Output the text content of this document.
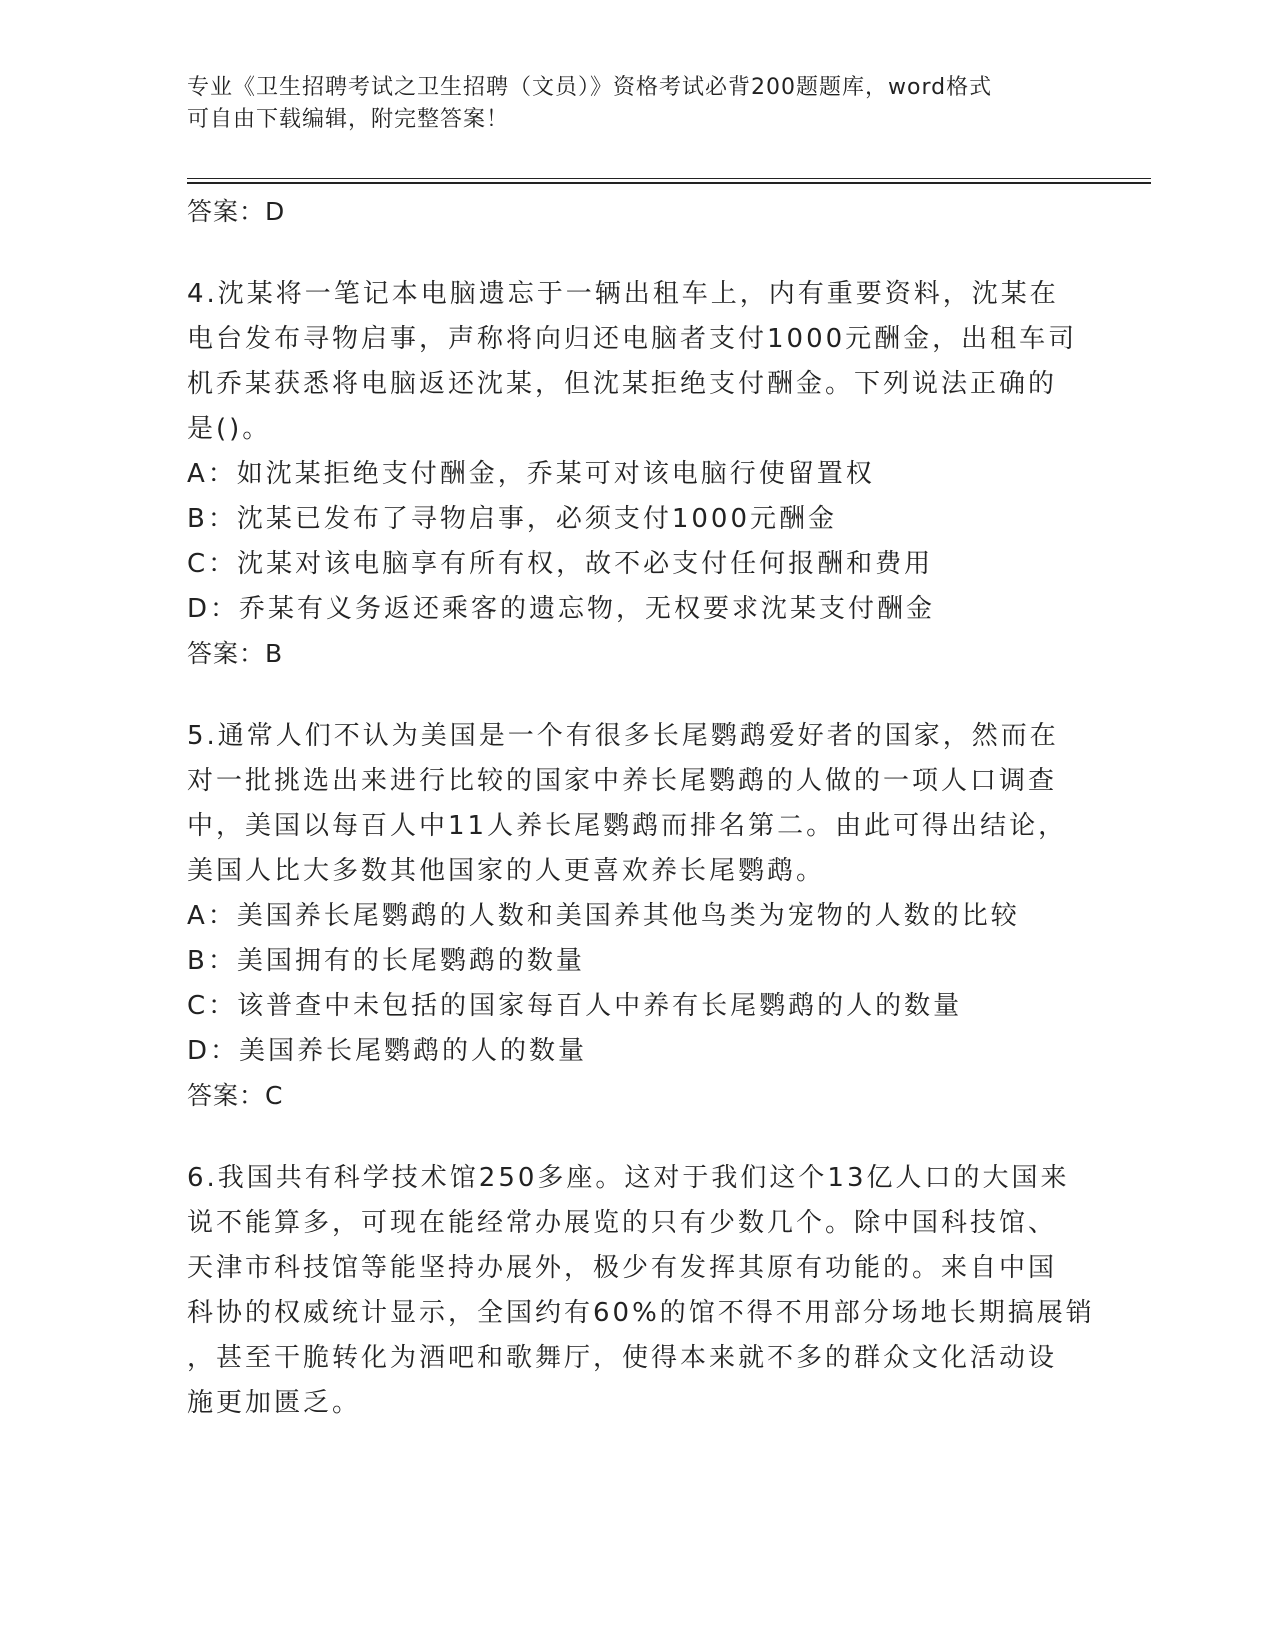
专业《卫生招聘考试之卫生招聘（文员）》资格考试必背200题题库，word格式
可自由下载编辑，附完整答案！
答案：D
4.沈某将一笔记本电脑遗忘于一辆出租车上，内有重要资料，沈某在
电台发布寻物启事，声称将向归还电脑者支付1000元酬金，出租车司
机乔某获悉将电脑返还沈某，但沈某拒绝支付酬金。下列说法正确的
是()。
A：如沈某拒绝支付酬金，乔某可对该电脑行使留置权
B：沈某已发布了寻物启事，必须支付1000元酬金
C：沈某对该电脑享有所有权，故不必支付任何报酬和费用
D：乔某有义务返还乘客的遗忘物，无权要求沈某支付酬金
答案：B
5.通常人们不认为美国是一个有很多长尾鹦鹉爱好者的国家，然而在
对一批挑选出来进行比较的国家中养长尾鹦鹉的人做的一项人口调查
中，美国以每百人中11人养长尾鹦鹉而排名第二。由此可得出结论，
美国人比大多数其他国家的人更喜欢养长尾鹦鹉。
A：美国养长尾鹦鹉的人数和美国养其他鸟类为宠物的人数的比较
B：美国拥有的长尾鹦鹉的数量
C：该普查中未包括的国家每百人中养有长尾鹦鹉的人的数量
D：美国养长尾鹦鹉的人的数量
答案：C
6.我国共有科学技术馆250多座。这对于我们这个13亿人口的大国来
说不能算多，可现在能经常办展览的只有少数几个。除中国科技馆、
天津市科技馆等能坚持办展外，极少有发挥其原有功能的。来自中国
科协的权威统计显示，全国约有60%的馆不得不用部分场地长期搞展销
，甚至干脆转化为酒吧和歌舞厅，使得本来就不多的群众文化活动设
施更加匮乏。
